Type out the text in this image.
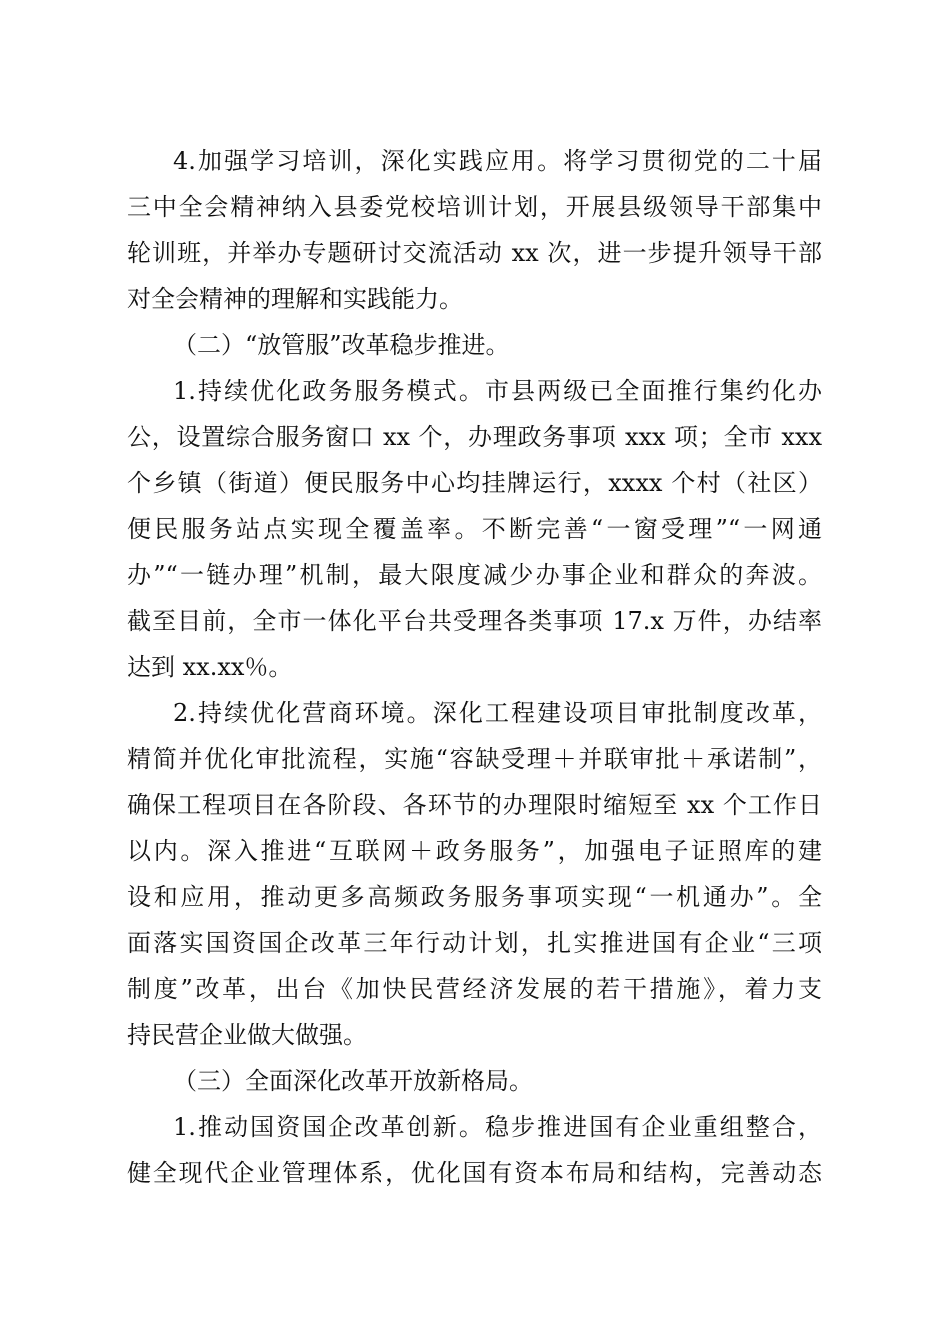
4.加强学习培训，深化实践应用。将学习贯彻党的二十届
三中全会精神纳入县委党校培训计划，开展县级领导干部集中
轮训班，并举办专题研讨交流活动 xx 次，进一步提升领导干部
对全会精神的理解和实践能力。
（二）“放管服”改革稳步推进。
1.持续优化政务服务模式。市县两级已全面推行集约化办
公，设置综合服务窗口 xx 个，办理政务事项 xxx 项；全市 xxx
个乡镇（街道）便民服务中心均挂牌运行，xxxx 个村（社区）
便民服务站点实现全覆盖率。不断完善“一窗受理”“一网通
办”“一链办理”机制，最大限度减少办事企业和群众的奔波。
截至目前，全市一体化平台共受理各类事项 17.x 万件，办结率
达到 xx.xx％。
2.持续优化营商环境。深化工程建设项目审批制度改革，
精简并优化审批流程，实施“容缺受理＋并联审批＋承诺制”，
确保工程项目在各阶段、各环节的办理限时缩短至 xx 个工作日
以内。深入推进“互联网＋政务服务”，加强电子证照库的建
设和应用，推动更多高频政务服务事项实现“一机通办”。全
面落实国资国企改革三年行动计划，扎实推进国有企业“三项
制度”改革，出台《加快民营经济发展的若干措施》，着力支
持民营企业做大做强。
（三）全面深化改革开放新格局。
1.推动国资国企改革创新。稳步推进国有企业重组整合，
健全现代企业管理体系，优化国有资本布局和结构，完善动态
